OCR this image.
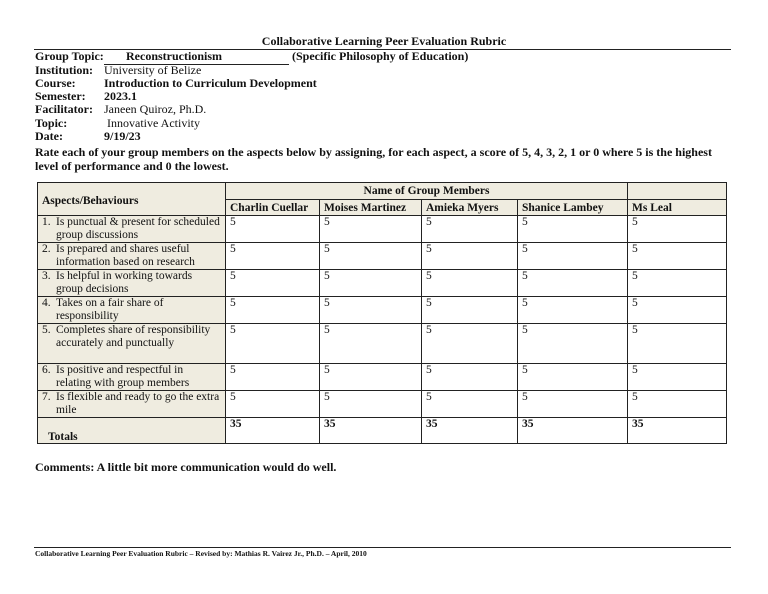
Collaborative Learning Peer Evaluation Rubric
Group Topic: Reconstructionism	(Specific Philosophy of Education)
Institution: University of Belize
Course: Introduction to Curriculum Development
Semester: 2023.1
Facilitator: Janeen Quiroz, Ph.D.
Topic:	Innovative Activity
Date:	9/19/23
Rate each of your group members on the aspects below by assigning, for each aspect, a score of 5, 4, 3, 2, 1 or 0 where 5 is the highest level of performance and 0 the lowest.
Aspects/Behaviours	Name of Group Members				
	Charlin Cuellar	Moises Martinez	Amieka Myers	Shanice Lambey	Ms Leal
1. Is punctual & present for scheduled group discussions	5	5	5	5	5
2. Is prepared and shares useful information based on research	5	5	5	5	5
3. Is helpful in working towards group decisions	5	5	5	5	5
4. Takes on a fair share of responsibility	5	5	5	5	5
5. Completes share of responsibility accurately and punctually	5	5	5	5	5
6. Is positive and respectful in relating with group members	5	5	5	5	5
7. Is flexible and ready to go the extra mile	5	5	5	5	5
Totals	35	35	35	35	35
Comments: A little bit more communication would do well.
Collaborative Learning Peer Evaluation Rubric – Revised by: Mathias R. Vairez Jr., Ph.D. – April, 2010
